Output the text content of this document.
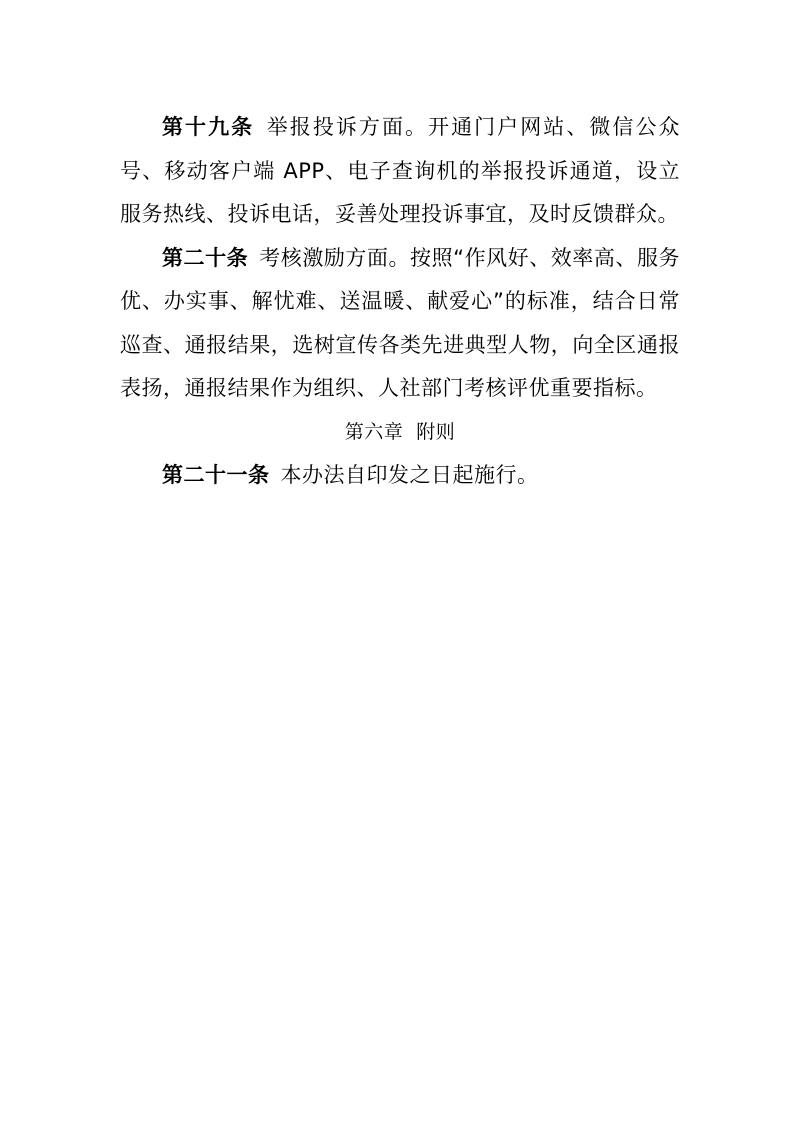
第十九条 举报投诉方面。开通门户网站、微信公众号、移动客户端 APP、电子查询机的举报投诉通道，设立服务热线、投诉电话，妥善处理投诉事宜，及时反馈群众。

第二十条 考核激励方面。按照“作风好、效率高、服务优、办实事、解忧难、送温暖、献爱心”的标准，结合日常巡查、通报结果，选树宣传各类先进典型人物，向全区通报表扬，通报结果作为组织、人社部门考核评优重要指标。

第六章  附则

第二十一条 本办法自印发之日起施行。
